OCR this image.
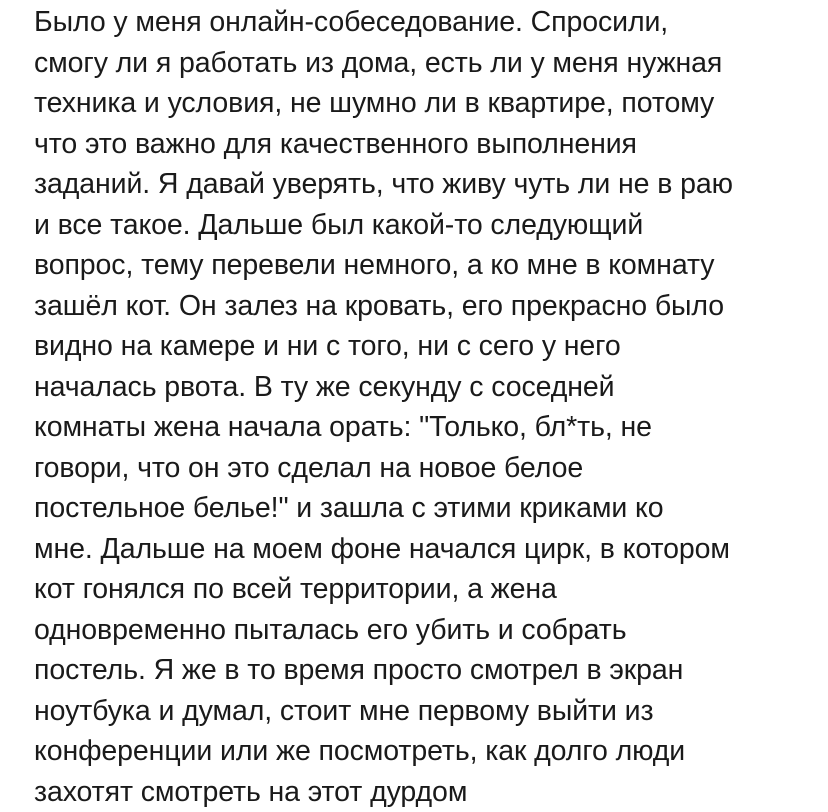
Было у меня онлайн-собеседование. Спросили,
смогу ли я работать из дома, есть ли у меня нужная
техника и условия, не шумно ли в квартире, потому
что это важно для качественного выполнения
заданий. Я давай уверять, что живу чуть ли не в раю
и все такое. Дальше был какой-то следующий
вопрос, тему перевели немного, а ко мне в комнату
зашёл кот. Он залез на кровать, его прекрасно было
видно на камере и ни с того, ни с сего у него
началась рвота. В ту же секунду с соседней
комнаты жена начала орать: "Только, бл*ть, не
говори, что он это сделал на новое белое
постельное белье!" и зашла с этими криками ко
мне. Дальше на моем фоне начался цирк, в котором
кот гонялся по всей территории, а жена
одновременно пыталась его убить и собрать
постель. Я же в то время просто смотрел в экран
ноутбука и думал, стоит мне первому выйти из
конференции или же посмотреть, как долго люди
захотят смотреть на этот дурдом
